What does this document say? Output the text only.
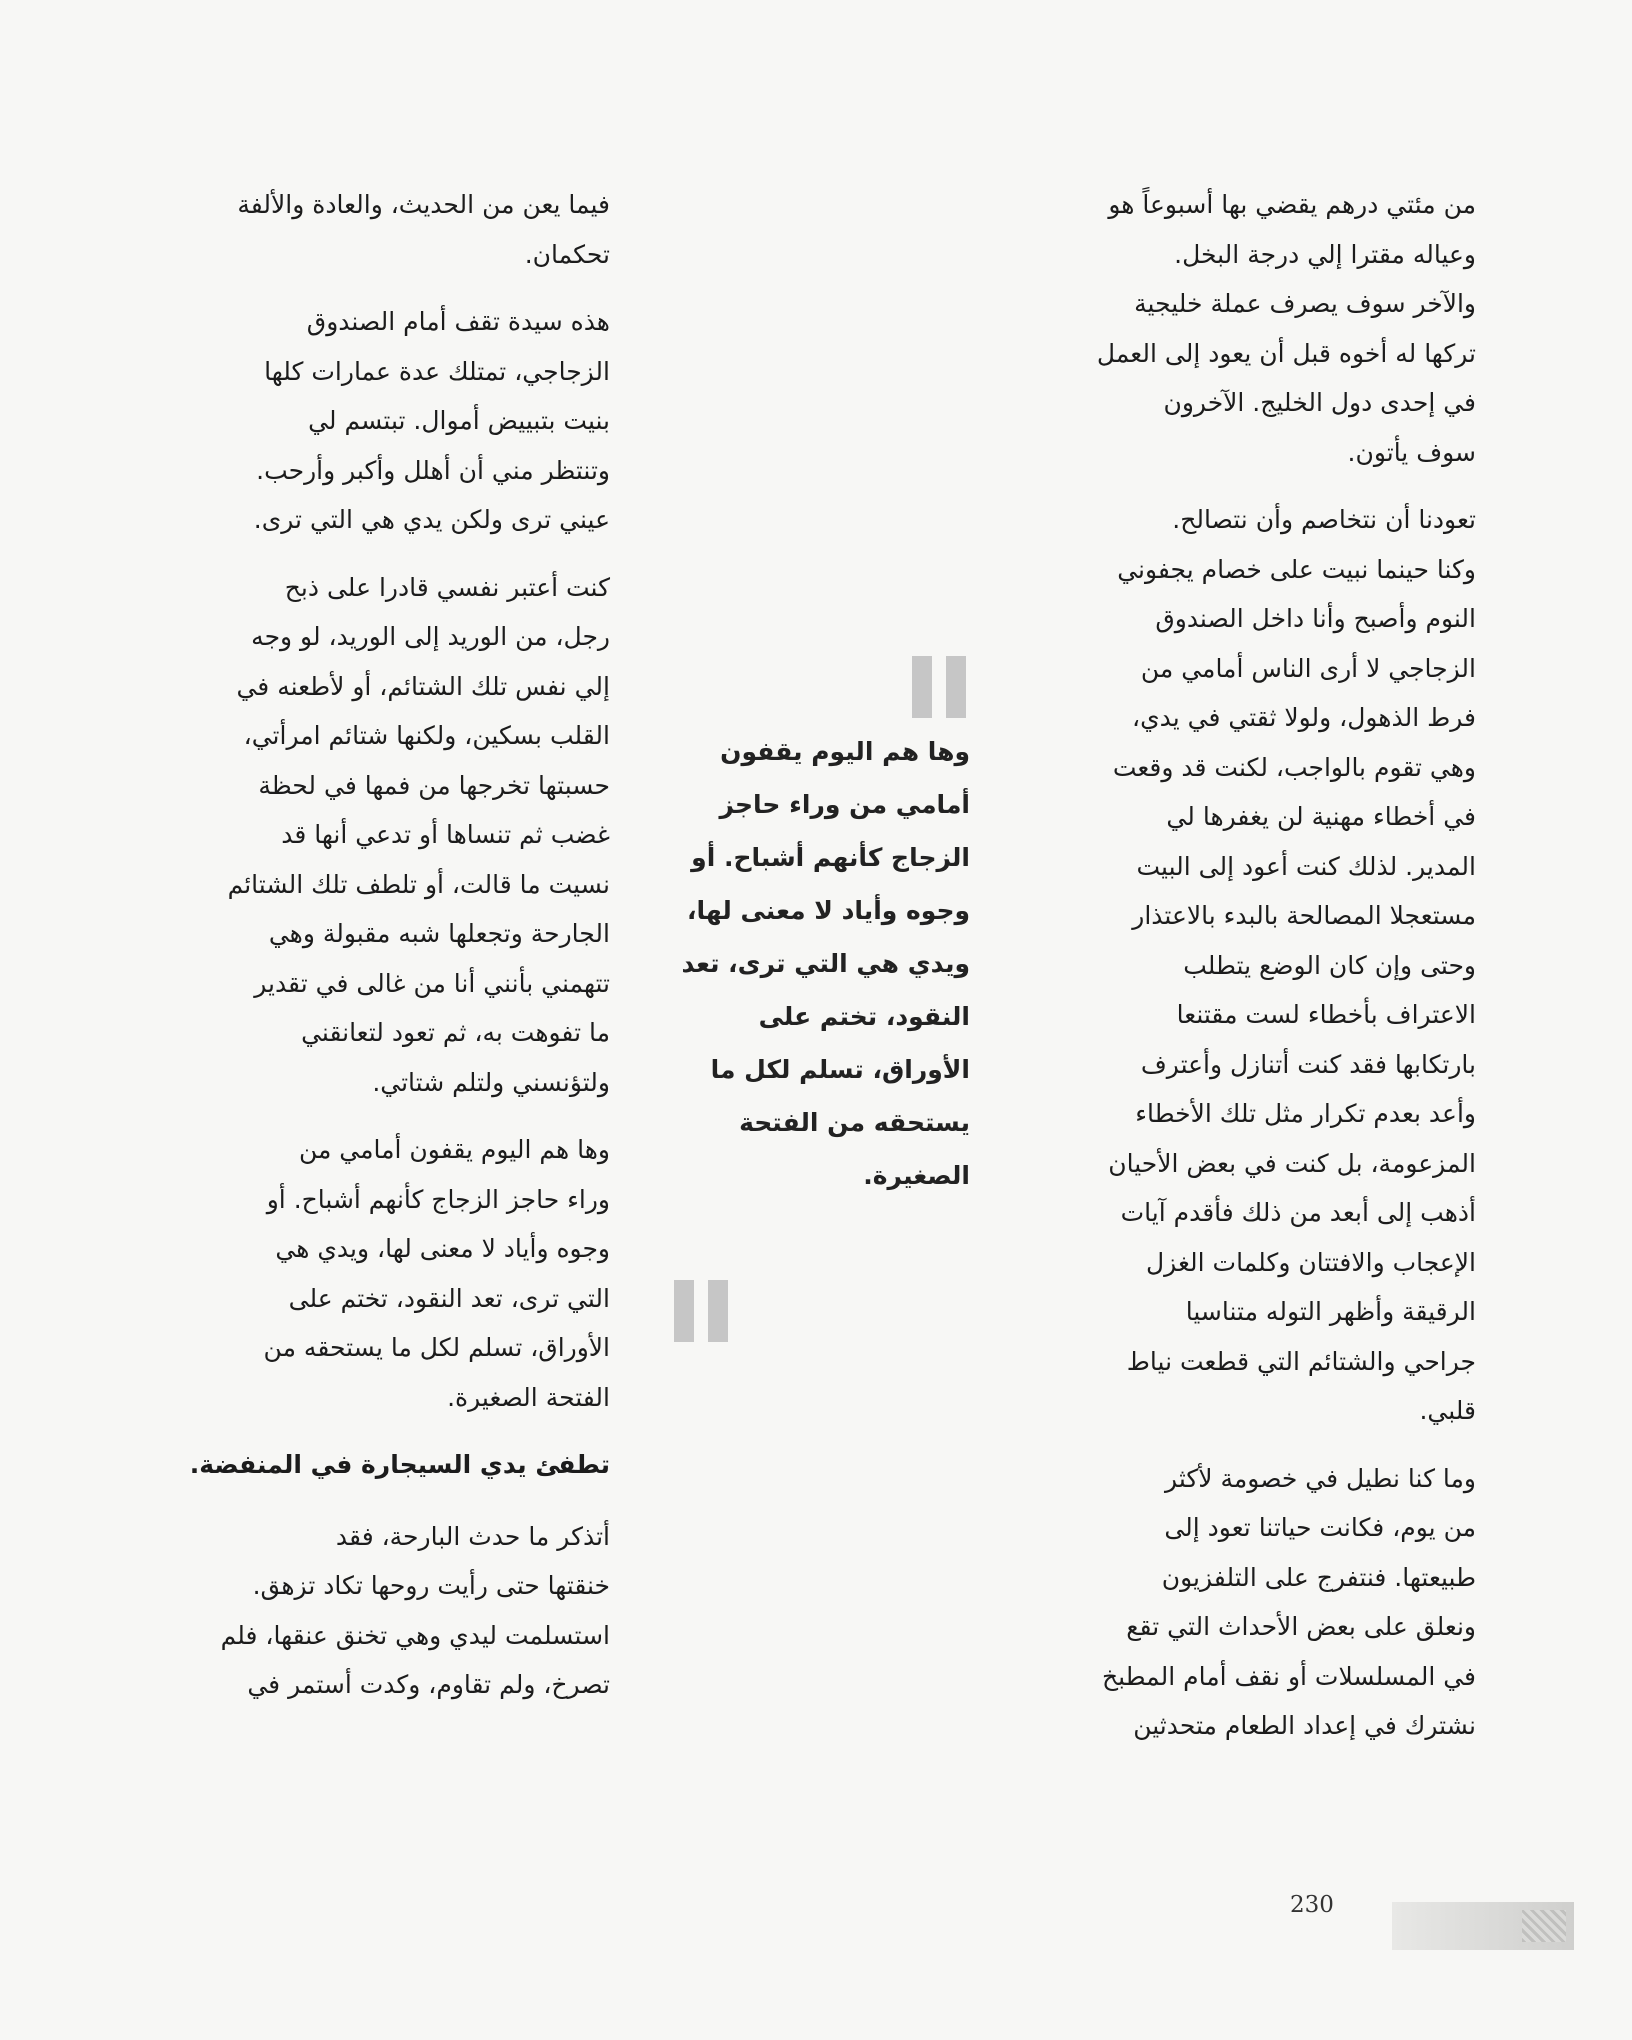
من مئتي درهم يقضي بها أسبوعاً هو
وعياله مقترا إلي درجة البخل.
والآخر سوف يصرف عملة خليجية
تركها له أخوه قبل أن يعود إلى العمل
في إحدى دول الخليج. الآخرون
سوف يأتون.

تعودنا أن نتخاصم وأن نتصالح.
وكنا حينما نبيت على خصام يجفوني
النوم وأصبح وأنا داخل الصندوق
الزجاجي لا أرى الناس أمامي من
فرط الذهول، ولولا ثقتي في يدي،
وهي تقوم بالواجب، لكنت قد وقعت
في أخطاء مهنية لن يغفرها لي
المدير. لذلك كنت أعود إلى البيت
مستعجلا المصالحة بالبدء بالاعتذار
وحتى وإن كان الوضع يتطلب
الاعتراف بأخطاء لست مقتنعا
بارتكابها فقد كنت أتنازل وأعترف
وأعد بعدم تكرار مثل تلك الأخطاء
المزعومة، بل كنت في بعض الأحيان
أذهب إلى أبعد من ذلك فأقدم آيات
الإعجاب والافتتان وكلمات الغزل
الرقيقة وأظهر التوله متناسيا
جراحي والشتائم التي قطعت نياط
قلبي.

وما كنا نطيل في خصومة لأكثر
من يوم، فكانت حياتنا تعود إلى
طبيعتها. فنتفرج على التلفزيون
ونعلق على بعض الأحداث التي تقع
في المسلسلات أو نقف أمام المطبخ
نشترك في إعداد الطعام متحدثين

وها هم اليوم يقفون
أمامي من وراء حاجز
الزجاج كأنهم أشباح. أو
وجوه وأياد لا معنى لها،
ويدي هي التي ترى، تعد
النقود، تختم على
الأوراق، تسلم لكل ما
يستحقه من الفتحة
الصغيرة.

فيما يعن من الحديث، والعادة والألفة
تحكمان.

هذه سيدة تقف أمام الصندوق
الزجاجي، تمتلك عدة عمارات كلها
بنيت بتبييض أموال. تبتسم لي
وتنتظر مني أن أهلل وأكبر وأرحب.
عيني ترى ولكن يدي هي التي ترى.

كنت أعتبر نفسي قادرا على ذبح
رجل، من الوريد إلى الوريد، لو وجه
إلي نفس تلك الشتائم، أو لأطعنه في
القلب بسكين، ولكنها شتائم امرأتي،
حسبتها تخرجها من فمها في لحظة
غضب ثم تنساها أو تدعي أنها قد
نسيت ما قالت، أو تلطف تلك الشتائم
الجارحة وتجعلها شبه مقبولة وهي
تتهمني بأنني أنا من غالى في تقدير
ما تفوهت به، ثم تعود لتعانقني
ولتؤنسني ولتلم شتاتي.

وها هم اليوم يقفون أمامي من
وراء حاجز الزجاج كأنهم أشباح. أو
وجوه وأياد لا معنى لها، ويدي هي
التي ترى، تعد النقود، تختم على
الأوراق، تسلم لكل ما يستحقه من
الفتحة الصغيرة.

تطفئ يدي السيجارة في المنفضة.

أتذكر ما حدث البارحة، فقد
خنقتها حتى رأيت روحها تكاد تزهق.
استسلمت ليدي وهي تخنق عنقها، فلم
تصرخ، ولم تقاوم، وكدت أستمر في

230
